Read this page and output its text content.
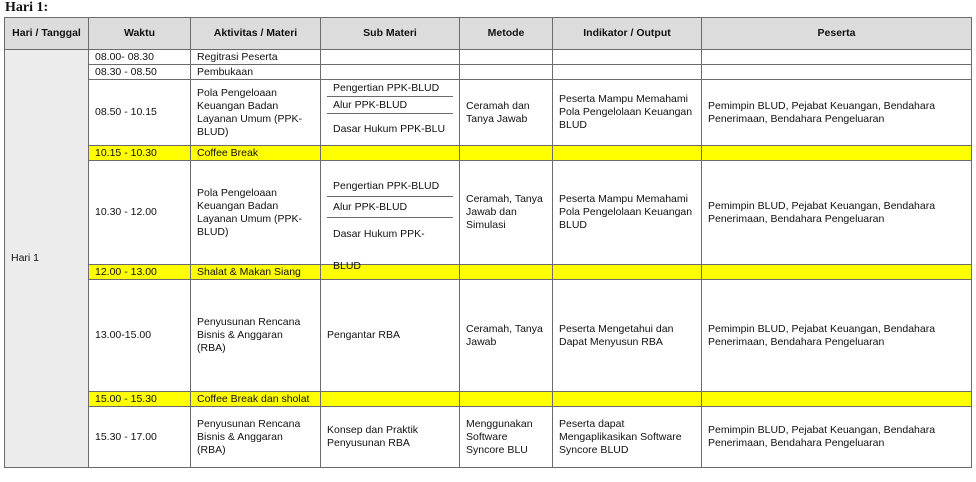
Hari 1:
Hari / Tanggal	Waktu	Aktivitas / Materi	Sub Materi	Metode	Indikator / Output	Peserta
Hari 1	08.00- 08.30	Regitrasi Peserta				
	08.30 - 08.50	Pembukaan				
	08.50 - 10.15	Pola Pengeloaan Keuangan Badan Layanan Umum (PPK-BLUD)	Pengertian PPK-BLUD
Alur PPK-BLUD
Dasar Hukum PPK-BLU	Ceramah dan Tanya Jawab	Peserta Mampu Memahami Pola Pengelolaan Keuangan BLUD	Pemimpin BLUD, Pejabat Keuangan, Bendahara Penerimaan, Bendahara Pengeluaran
	10.15 - 10.30	Coffee Break				
	10.30 - 12.00	Pola Pengeloaan Keuangan Badan Layanan Umum (PPK-BLUD)	Pengertian PPK-BLUD
Alur PPK-BLUD
Dasar Hukum PPK-BLUD	Ceramah, Tanya Jawab dan Simulasi	Peserta Mampu Memahami Pola Pengelolaan Keuangan BLUD	Pemimpin BLUD, Pejabat Keuangan, Bendahara Penerimaan, Bendahara Pengeluaran
	12.00 - 13.00	Shalat & Makan Siang				
	13.00-15.00	Penyusunan Rencana Bisnis & Anggaran (RBA)	Pengantar RBA	Ceramah, Tanya Jawab	Peserta Mengetahui dan Dapat Menyusun RBA	Pemimpin BLUD, Pejabat Keuangan, Bendahara Penerimaan, Bendahara Pengeluaran
	15.00 - 15.30	Coffee Break dan sholat				
	15.30 - 17.00	Penyusunan Rencana Bisnis & Anggaran (RBA)	Konsep dan Praktik Penyusunan RBA	Menggunakan Software Syncore BLU	Peserta dapat Mengaplikasikan Software Syncore BLUD	Pemimpin BLUD, Pejabat Keuangan, Bendahara Penerimaan, Bendahara Pengeluaran
